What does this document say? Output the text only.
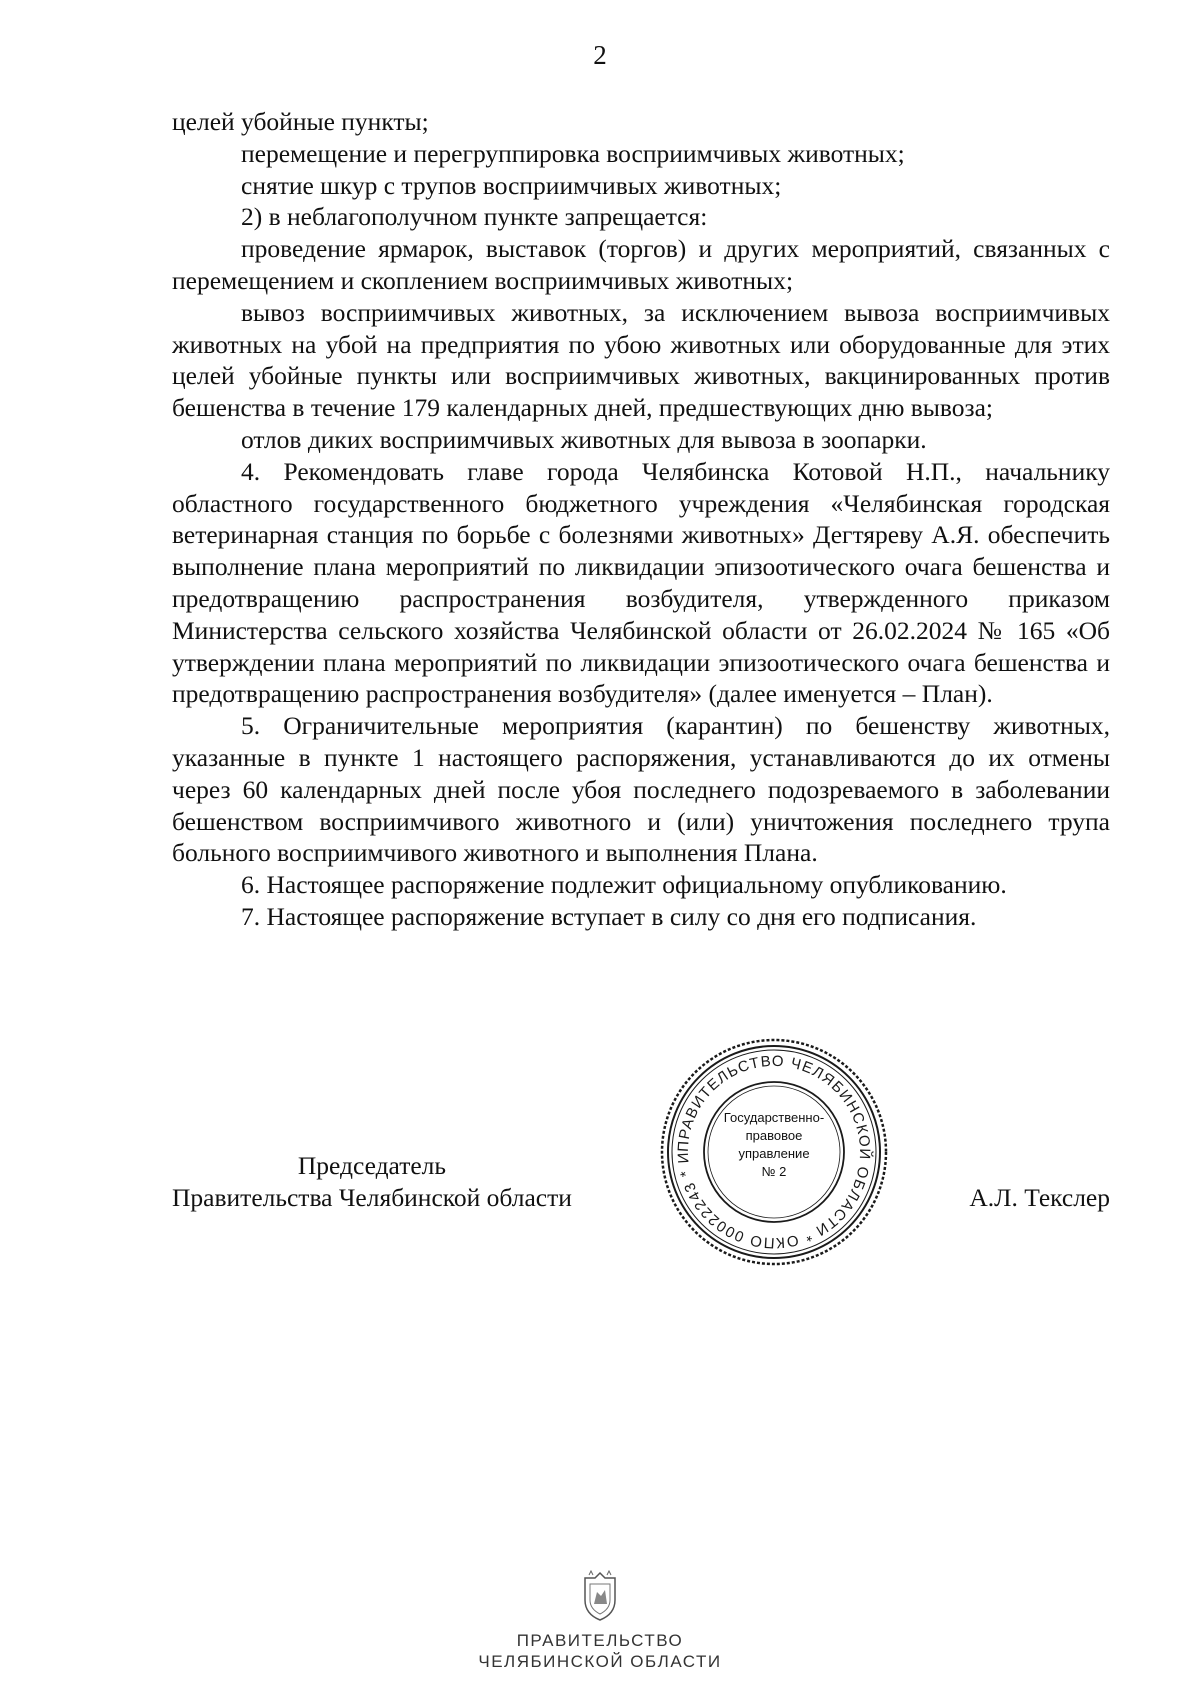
2

целей убойные пункты;

перемещение и перегруппировка восприимчивых животных;

снятие шкур с трупов восприимчивых животных;

2) в неблагополучном пункте запрещается:

проведение ярмарок, выставок (торгов) и других мероприятий, связанных с перемещением и скоплением восприимчивых животных;

вывоз восприимчивых животных, за исключением вывоза восприимчивых животных на убой на предприятия по убою животных или оборудованные для этих целей убойные пункты или восприимчивых животных, вакцинированных против бешенства в течение 179 календарных дней, предшествующих дню вывоза;

отлов диких восприимчивых животных для вывоза в зоопарки.

4. Рекомендовать главе города Челябинска Котовой Н.П., начальнику областного государственного бюджетного учреждения «Челябинская городская ветеринарная станция по борьбе с болезнями животных» Дегтяреву А.Я. обеспечить выполнение плана мероприятий по ликвидации эпизоотического очага бешенства и предотвращению распространения возбудителя, утвержденного приказом Министерства сельского хозяйства Челябинской области от 26.02.2024 № 165 «Об утверждении плана мероприятий по ликвидации эпизоотического очага бешенства и предотвращению распространения возбудителя» (далее именуется – План).

5. Ограничительные мероприятия (карантин) по бешенству животных, указанные в пункте 1 настоящего распоряжения, устанавливаются до их отмены через 60 календарных дней после убоя последнего подозреваемого в заболевании бешенством восприимчивого животного и (или) уничтожения последнего трупа больного восприимчивого животного и выполнения Плана.

6. Настоящее распоряжение подлежит официальному опубликованию.

7. Настоящее распоряжение вступает в силу со дня его подписания.

Председатель
Правительства Челябинской области	А.Л. Текслер
ПРАВИТЕЛЬСТВО ЧЕЛЯБИНСКОЙ ОБЛАСТИ * ОКПО 00022243 * И
Государственно-
правовое
управление
№ 2
ПРАВИТЕЛЬСТВО
ЧЕЛЯБИНСКОЙ ОБЛАСТИ
